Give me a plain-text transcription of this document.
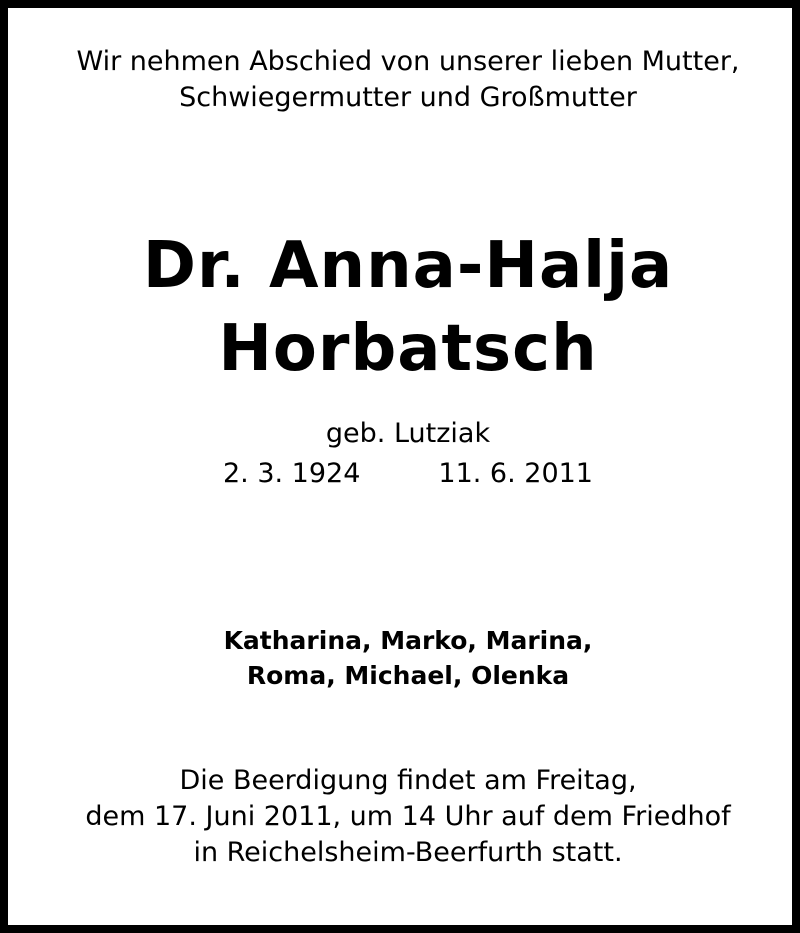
Wir nehmen Abschied von unserer lieben Mutter,
Schwiegermutter und Großmutter
Dr. Anna-Halja
Horbatsch
geb. Lutziak
2. 3. 1924	11. 6. 2011
Katharina, Marko, Marina,
Roma, Michael, Olenka
Die Beerdigung findet am Freitag,
dem 17. Juni 2011, um 14 Uhr auf dem Friedhof
in Reichelsheim-Beerfurth statt.
